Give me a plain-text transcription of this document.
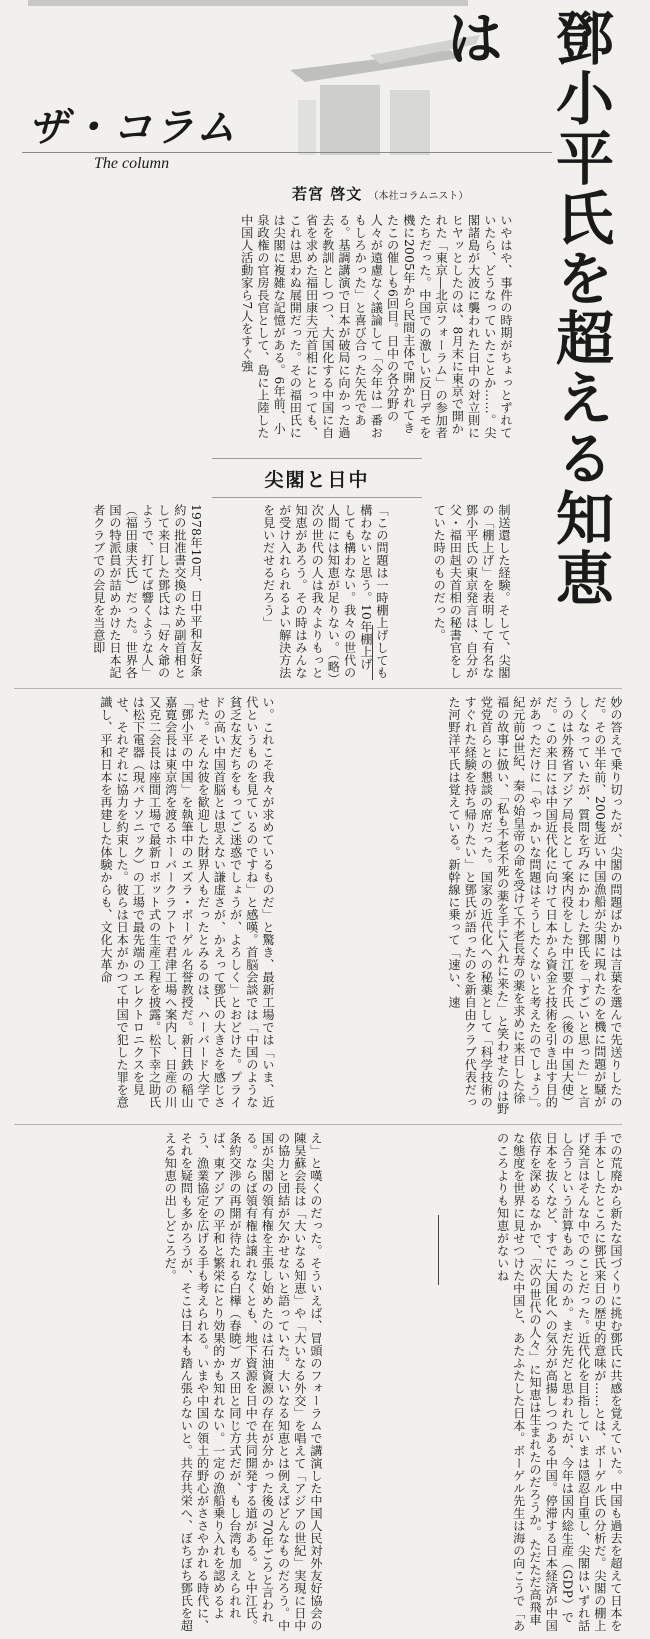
ザ・コラム
The column
若宮 啓文 （本社コラムニスト）	鄧小平氏を超える知恵は
いやはや、事件の時期がちょっとずれていたら、どうなっていたことか……。尖閣諸島が大波に襲われた日中の対立則にヒヤッとしたのは、8月末に東京で開かれた「東京―北京フォーラム」の参加者たちだった。中国での激しい反日デモを機に2005年から民間主体で開かれてきたこの催しも6回目。日中の各分野の人々が遠慮なく議論して「今年は一番おもしろかった」と喜び合った矢先である。基調講演で日本が破局に向かった過去を教訓としつつ、大国化する中国に自省を求めた福田康夫元首相にとっても、これは思わぬ展開だった。その福田氏には尖閣に複雑な記憶がある。6年前、小泉政権の官房長官として、島に上陸した中国人活動家ら7人をすぐ強
尖閣と日中
制送還した経験。そして、尖閣の「棚上げ」を表明して有名な鄧小平氏の東京発言は、自分が父・福田赳夫首相の秘書官をしていた時のものだった。
「この問題は一時棚上げしても構わないと思う。10年棚上げしても構わない。我々の世代の人間には知恵が足りない。（略）次の世代の人は我々よりもっと知恵があろう。その時はみんなが受け入れられるよい解決方法を見いだせるだろう」
1978年10月、日中平和友好条約の批准書交換のため副首相として来日した鄧氏は「好々爺のようで、打てば響くような人」（福田康夫氏）だった。世界各国の特派員が詰めかけた日本記者クラブでの会見を当意即
い。これこそ我々が求めているものだ」と驚き、最新工場では「いま、近代というものを見ているのですね」と感嘆。首脳会談では「中国のような貧乏な友だちをもってご迷惑でしょうが、よろしく」とおどけた。プライドの高い中国首脳とは思えない謙虚さが、かえって鄧氏の大きさを感じさせた。そんな彼を歓迎した財界人もだったとみるのは、ハーバード大学で「鄧小平の中国」を執筆中のエズラ・ボーゲル名誉教授だ。新日鉄の稲山嘉寛会長は東京湾を渡るホーバークラフトで君津工場へ案内し、日産の川又克二会長は座間工場で最新ロボット式の生産工程を披露。松下幸之助氏は松下電器（現パナソニック）の工場で最先端のエレクトロニクスを見せ、それぞれに協力を約束した。彼らは日本がかつて中国で犯した罪を意識し、平和日本を再建した体験からも、文化大革命	妙の答えで乗り切ったが、尖閣の問題ばかりは言葉を選んで先送りしたのだ。その半年前、200隻近い中国漁船が尖閣に現れたのを機に問題が騒がしくなっていたが、質問を巧みにかわした鄧氏を「すごいと思った」と言うのは外務省アジア局長として案内役をした中江要介氏（後の中国大使）だ。この来日には中国近代化に向けて日本から資金と技術を引き出す目的があっただけに「やっかいな問題はそうしたくないと考えたのでしょう」。紀元前3世紀、秦の始皇帝の命を受けて不老長寿の薬を求めに来日した徐福の故事に倣い、「私も不老不死の薬を手に入れに来た」と笑わせたのは野党党首らとの懇談の席だった。国家の近代化への秘薬として「科学技術のすぐれた経験を持ち帰りたい」と鄧氏が語ったのを新自由クラブ代表だった河野洋平氏は覚えている。新幹線に乗って「速い、速
え」と嘆くのだった。そういえば、冒頭のフォーラムで講演した中国人民対外友好協会の陳昊蘇会長は「大いなる知恵」や「大いなる外交」を唱えて「アジアの世紀」実現に日中の協力と団結が欠かせないと語っていた。大いなる知恵とは例えばどんなものだろう。中国が尖閣の領有権を主張し始めたのは石油資源の存在が分かった後の70年ごろと言われる。ならば領有権は譲れなくとも、地下資源を日中で共同開発する道がある。と中江氏。条約交渉の再開が待たれる白樺（春暁）ガス田と同じ方式だが、もし台湾も加えられれば、東アジアの平和と繁栄にとり効果的かも知れない。一定の漁船乗り入れを認めるよう、漁業協定を広げる手も考えられる。いまや中国の領土的野心がささやかれる時代に、それを疑問も多かろうが、そこは日本も踏ん張らないと。共存共栄へ、ぼちぼち鄧氏を超える知恵の出しどころだ。	での荒廃から新たな国づくりに挑む鄧氏に共感を覚えていた。中国も過去を超えて日本を手本としたところに鄧氏来日の歴史的意味が……とは、ボーゲル氏の分析だ。尖閣の棚上げ発言はそんな中でのことだった。近代化を目指していまは隠忍自重し、尖閣はいずれ話し合うという計算もあったのか。まだ先だと思われたが、今年は国内総生産（GDP）で日本を抜くなど、すでに大国化への気分が高揚しつつある中国。停滞する日本経済が中国依存を深めるなかで、「次の世代の人々」に知恵は生まれたのだろうか。ただただ高飛車な態度を世界に見せつけた中国と、あたふたした日本。ボーゲル先生は海の向こうで「あのころよりも知恵がないね
